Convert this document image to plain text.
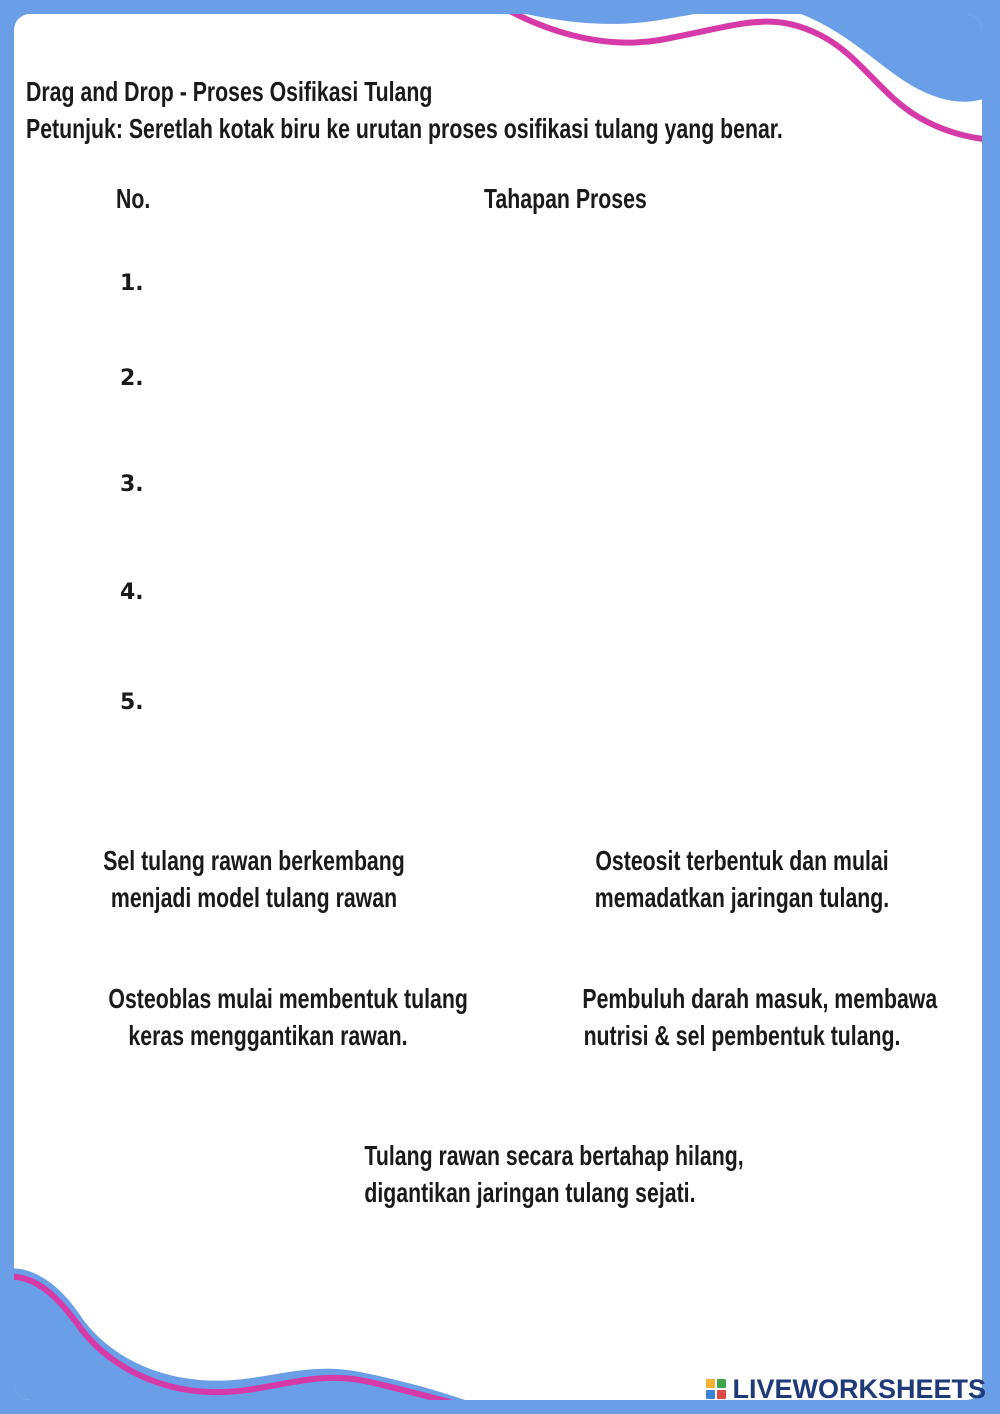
Drag and Drop - Proses Osifikasi Tulang
Petunjuk: Seretlah kotak biru ke urutan proses osifikasi tulang yang benar.
No.	Tahapan Proses
1.
2.
3.
4.
5.
Sel tulang rawan berkembang
menjadi model tulang rawan
Osteosit terbentuk dan mulai
memadatkan jaringan tulang.
Osteoblas mulai membentuk tulang
keras menggantikan rawan.
Pembuluh darah masuk, membawa
nutrisi & sel pembentuk tulang.
Tulang rawan secara bertahap hilang,
digantikan jaringan tulang sejati.
LIVEWORKSHEETS
